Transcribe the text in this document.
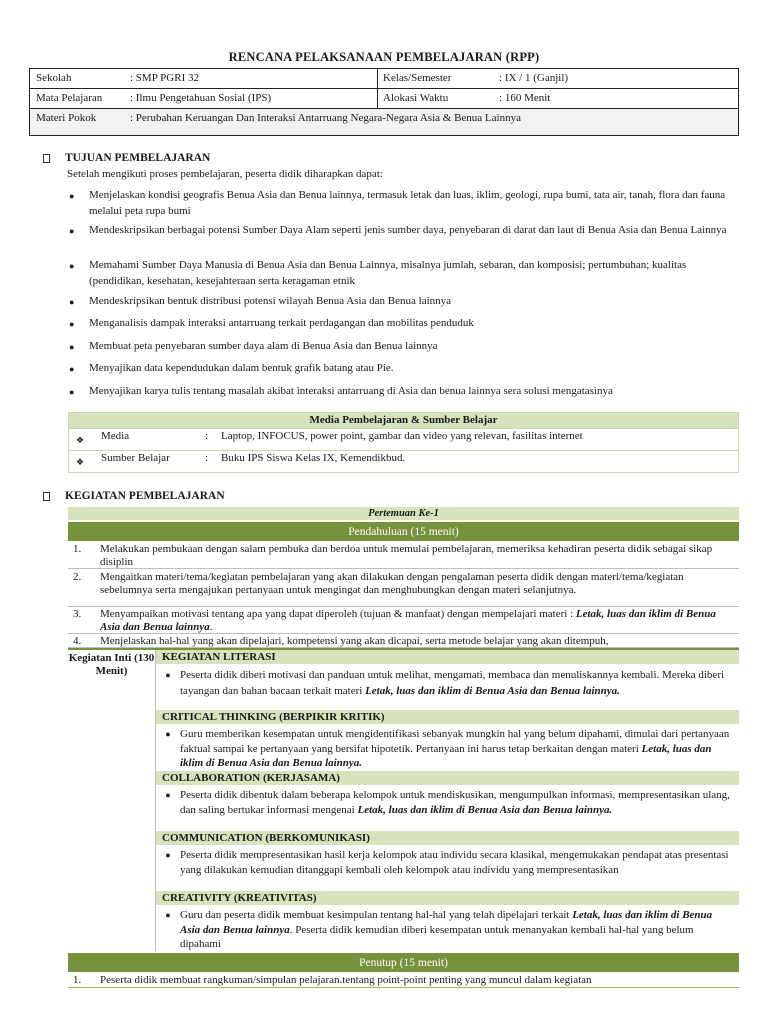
RENCANA PELAKSANAAN PEMBELAJARAN (RPP)
Sekolah	: SMP PGRI 32	Kelas/Semester	: IX / 1 (Ganjil)
Mata Pelajaran	: Ilmu Pengetahuan Sosial (IPS)	Alokasi Waktu	: 160 Menit
Materi Pokok	: Perubahan Keruangan Dan Interaksi Antarruang Negara-Negara Asia & Benua Lainnya
TUJUAN PEMBELAJARAN
Setelah mengikuti proses pembelajaran, peserta didik diharapkan dapat:
●	Menjelaskan kondisi geografis Benua Asia dan Benua lainnya, termasuk letak dan luas, iklim, geologi, rupa bumi, tata air, tanah, flora dan fauna melalui peta rupa bumi
●	Mendeskripsikan berbagai potensi Sumber Daya Alam seperti jenis sumber daya, penyebaran di darat dan laut di Benua Asia dan Benua Lainnya
●	Memahami Sumber Daya Manusia di Benua Asia dan Benua Lainnya, misalnya jumlah, sebaran, dan komposisi; pertumbuhan; kualitas (pendidikan, kesehatan, kesejahteraan serta keragaman etnik
●	Mendeskripsikan bentuk distribusi potensi wilayah Benua Asia dan Benua lainnya
●	Menganalisis dampak interaksi antarruang terkait perdagangan dan mobilitas penduduk
●	Membuat peta penyebaran sumber daya alam di Benua Asia dan Benua lainnya
●	Menyajikan data kependudukan dalam bentuk grafik batang atau Pie.
●	Menyajikan karya tulis tentang masalah akibat interaksi antarruang di Asia dan benua lainnya sera solusi mengatasinya
Media Pembelajaran & Sumber Belajar
❖	Media	:	Laptop, INFOCUS, power point, gambar dan video yang relevan, fasilitas internet
❖	Sumber Belajar	:	Buku IPS Siswa Kelas IX, Kemendikbud.
KEGIATAN PEMBELAJARAN
Pertemuan Ke-1
Pendahuluan (15 menit)
1.	Melakukan pembukaan dengan salam pembuka dan berdoa untuk memulai pembelajaran, memeriksa kehadiran peserta didik sebagai sikap disiplin
2.	Mengaitkan materi/tema/kegiatan pembelajaran yang akan dilakukan dengan pengalaman peserta didik dengan materi/tema/kegiatan sebelumnya serta mengajukan pertanyaan untuk mengingat dan menghubungkan dengan materi selanjutnya.
3.	Menyampaikan motivasi tentang apa yang dapat diperoleh (tujuan & manfaat) dengan mempelajari materi : Letak, luas dan iklim di Benua Asia dan Benua lainnya.
4.	Menjelaskan hal-hal yang akan dipelajari, kompetensi yang akan dicapai, serta metode belajar yang akan ditempuh,
Kegiatan Inti (130 Menit)
KEGIATAN LITERASI
● Peserta didik diberi motivasi dan panduan untuk melihat, mengamati, membaca dan menuliskannya kembali. Mereka diberi tayangan dan bahan bacaan terkait materi Letak, luas dan iklim di Benua Asia dan Benua lainnya.
CRITICAL THINKING (BERPIKIR KRITIK)
● Guru memberikan kesempatan untuk mengidentifikasi sebanyak mungkin hal yang belum dipahami, dimulai dari pertanyaan faktual sampai ke pertanyaan yang bersifat hipotetik. Pertanyaan ini harus tetap berkaitan dengan materi Letak, luas dan iklim di Benua Asia dan Benua lainnya.
COLLABORATION (KERJASAMA)
● Peserta didik dibentuk dalam beberapa kelompok untuk mendiskusikan, mengumpulkan informasi, mempresentasikan ulang, dan saling bertukar informasi mengenai Letak, luas dan iklim di Benua Asia dan Benua lainnya.
COMMUNICATION (BERKOMUNIKASI)
● Peserta didik mempresentasikan hasil kerja kelompok atau individu secara klasikal, mengemukakan pendapat atas presentasi yang dilakukan kemudian ditanggapi kembali oleh kelompok atau individu yang mempresentasikan
CREATIVITY (KREATIVITAS)
● Guru dan peserta didik membuat kesimpulan tentang hal-hal yang telah dipelajari terkait Letak, luas dan iklim di Benua Asia dan Benua lainnya. Peserta didik kemudian diberi kesempatan untuk menanyakan kembali hal-hal yang belum dipahami
Penutup (15 menit)
1.	Peserta didik membuat rangkuman/simpulan pelajaran.tentang point-point penting yang muncul dalam kegiatan
